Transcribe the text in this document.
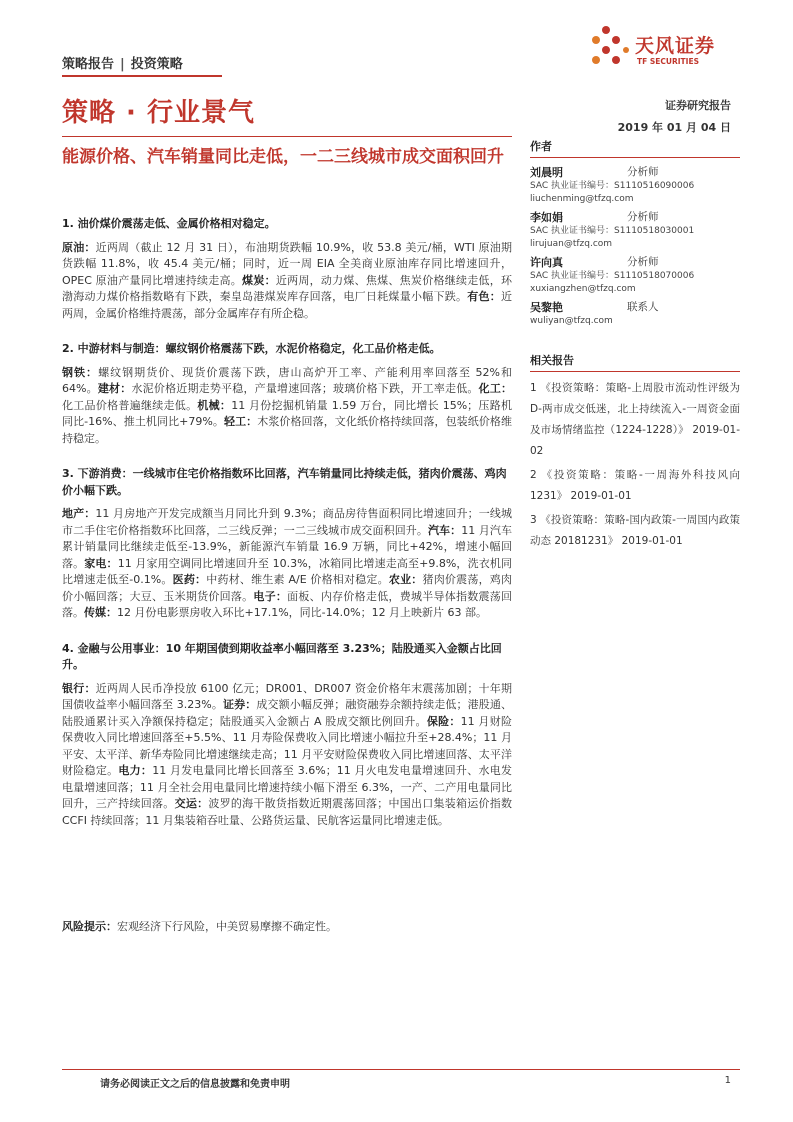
策略报告 | 投资策略
天风证券
TF SECURITIES
策略 · 行业景气	证券研究报告
2019 年 01 月 04 日
能源价格、汽车销量同比走低，一二三线城市成交面积回升
1. 油价煤价震荡走低、金属价格相对稳定。
原油：近两周（截止 12 月 31 日），布油期货跌幅 10.9%，收 53.8 美元/桶，WTI 原油期货跌幅 11.8%，收 45.4 美元/桶；同时，近一周 EIA 全美商业原油库存同比增速回升，OPEC 原油产量同比增速持续走高。煤炭：近两周，动力煤、焦煤、焦炭价格继续走低，环渤海动力煤价格指数略有下跌，秦皇岛港煤炭库存回落，电厂日耗煤量小幅下跌。有色：近两周，金属价格维持震荡，部分金属库存有所企稳。
2. 中游材料与制造：螺纹钢价格震荡下跌，水泥价格稳定，化工品价格走低。
钢铁：螺纹钢期货价、现货价震荡下跌，唐山高炉开工率、产能利用率回落至 52%和 64%。建材：水泥价格近期走势平稳，产量增速回落；玻璃价格下跌，开工率走低。化工：化工品价格普遍继续走低。机械：11 月份挖掘机销量 1.59 万台，同比增长 15%；压路机同比-16%、推土机同比+79%。轻工：木浆价格回落，文化纸价格持续回落，包装纸价格维持稳定。
3. 下游消费：一线城市住宅价格指数环比回落，汽车销量同比持续走低，猪肉价震荡、鸡肉价小幅下跌。
地产：11 月房地产开发完成额当月同比升到 9.3%；商品房待售面积同比增速回升；一线城市二手住宅价格指数环比回落，二三线反弹；一二三线城市成交面积回升。汽车：11 月汽车累计销量同比继续走低至-13.9%，新能源汽车销量 16.9 万辆，同比+42%，增速小幅回落。家电：11 月家用空调同比增速回升至 10.3%，冰箱同比增速走高至+9.8%，洗衣机同比增速走低至-0.1%。医药：中药材、维生素 A/E 价格相对稳定。农业：猪肉价震荡，鸡肉价小幅回落；大豆、玉米期货价回落。电子：面板、内存价格走低，费城半导体指数震荡回落。传媒：12 月份电影票房收入环比+17.1%，同比-14.0%；12 月上映新片 63 部。
4. 金融与公用事业：10 年期国债到期收益率小幅回落至 3.23%；陆股通买入金额占比回升。
银行：近两周人民币净投放 6100 亿元；DR001、DR007 资金价格年末震荡加剧；十年期国债收益率小幅回落至 3.23%。证券：成交额小幅反弹；融资融券余额持续走低；港股通、陆股通累计买入净额保持稳定；陆股通买入金额占 A 股成交额比例回升。保险：11 月财险保费收入同比增速回落至+5.5%、11 月寿险保费收入同比增速小幅拉升至+28.4%；11 月平安、太平洋、新华寿险同比增速继续走高；11 月平安财险保费收入同比增速回落、太平洋财险稳定。电力：11 月发电量同比增长回落至 3.6%；11 月火电发电量增速回升、水电发电量增速回落；11 月全社会用电量同比增速持续小幅下滑至 6.3%，一产、二产用电量同比回升，三产持续回落。交运：波罗的海干散货指数近期震荡回落；中国出口集装箱运价指数 CCFI 持续回落；11 月集装箱吞吐量、公路货运量、民航客运量同比增速走低。
风险提示：宏观经济下行风险，中美贸易摩擦不确定性。
作者
刘晨明	分析师
SAC 执业证书编号：S1110516090006
liuchenming@tfzq.com
李如娟	分析师
SAC 执业证书编号：S1110518030001
lirujuan@tfzq.com
许向真	分析师
SAC 执业证书编号：S1110518070006
xuxiangzhen@tfzq.com
吴黎艳	联系人
wuliyan@tfzq.com
相关报告
1 《投资策略：策略-上周股市流动性评级为 D-两市成交低迷，北上持续流入-一周资金面及市场情绪监控（1224-1228）》 2019-01-02
2 《投资策略：策略-一周海外科技风向 1231》 2019-01-01
3 《投资策略：策略-国内政策-一周国内政策动态 20181231》 2019-01-01
请务必阅读正文之后的信息披露和免责申明	1
